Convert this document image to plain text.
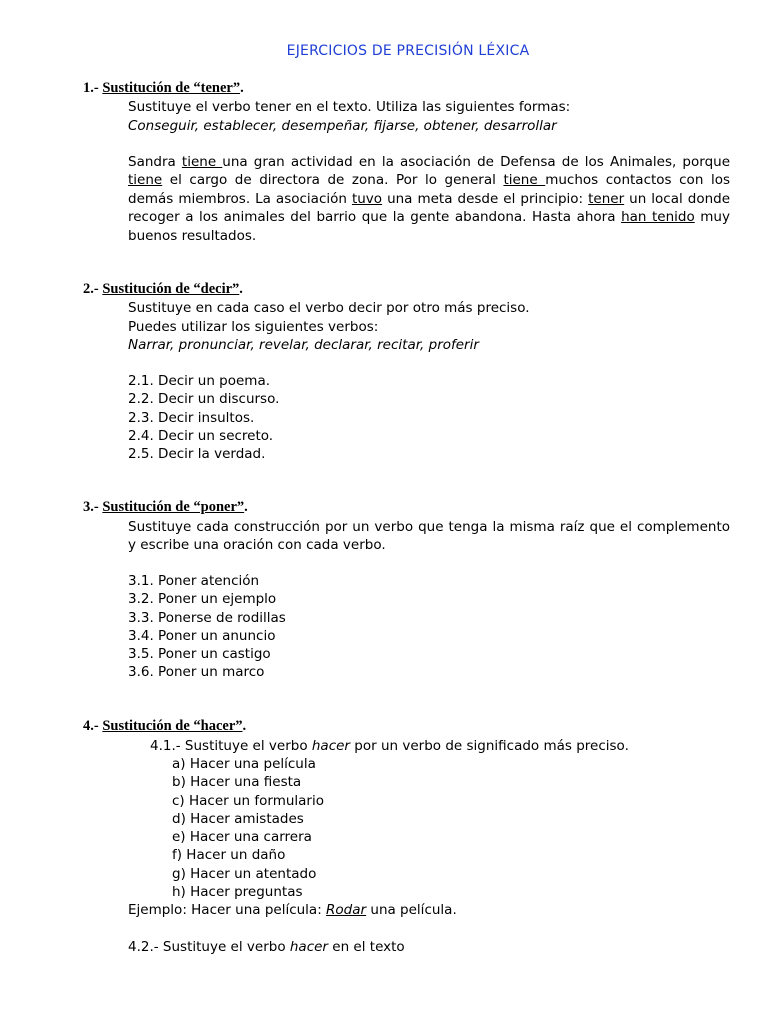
EJERCICIOS DE PRECISIÓN LÉXICA
1.- Sustitución de “tener”.
Sustituye el verbo tener en el texto. Utiliza las siguientes formas:
Conseguir, establecer, desempeñar, fijarse, obtener, desarrollar
Sandra tiene una gran actividad en la asociación de Defensa de los Animales, porque tiene el cargo de directora de zona. Por lo general tiene muchos contactos con los demás miembros. La asociación tuvo una meta desde el principio: tener un local donde recoger a los animales del barrio que la gente abandona. Hasta ahora han tenido muy buenos resultados.
2.- Sustitución de “decir”.
Sustituye en cada caso el verbo decir por otro más preciso.
Puedes utilizar los siguientes verbos:
Narrar, pronunciar, revelar, declarar, recitar, proferir
2.1. Decir un poema.
2.2. Decir un discurso.
2.3. Decir insultos.
2.4. Decir un secreto.
2.5. Decir la verdad.
3.- Sustitución de “poner”.
Sustituye cada construcción por un verbo que tenga la misma raíz que el complemento y escribe una oración con cada verbo.
3.1. Poner atención
3.2. Poner un ejemplo
3.3. Ponerse de rodillas
3.4. Poner un anuncio
3.5. Poner un castigo
3.6. Poner un marco
4.- Sustitución de “hacer”.
4.1.- Sustituye el verbo hacer por un verbo de significado más preciso.
a) Hacer una película
b) Hacer una fiesta
c) Hacer un formulario
d) Hacer amistades
e) Hacer una carrera
f) Hacer un daño
g) Hacer un atentado
h) Hacer preguntas
Ejemplo: Hacer una película: Rodar una película.
4.2.- Sustituye el verbo hacer en el texto
